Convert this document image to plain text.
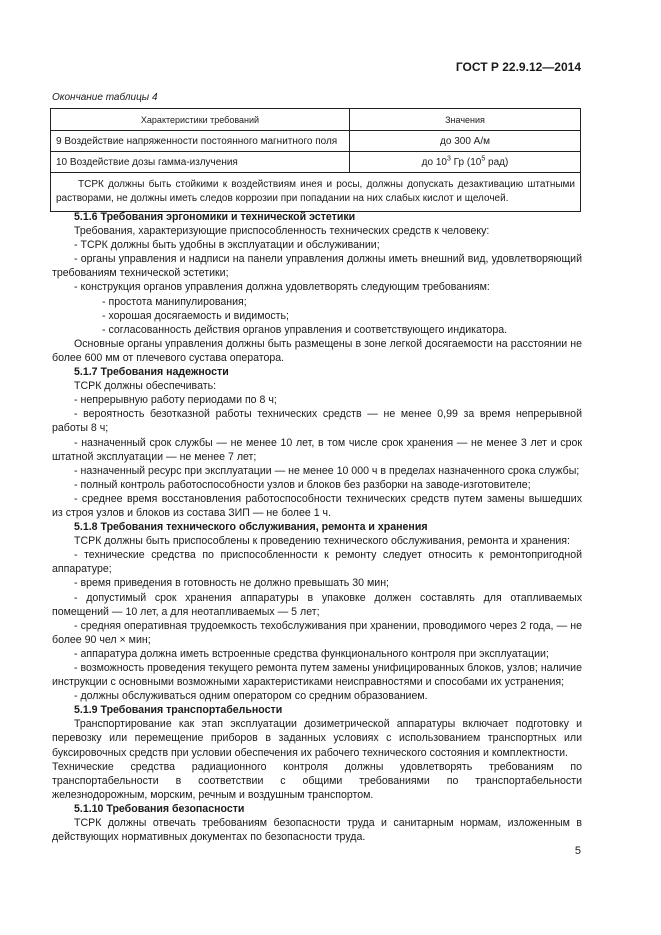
ГОСТ Р 22.9.12—2014
Окончание таблицы 4
Характеристики требований	Значения
9 Воздействие напряженности постоянного магнитного поля	до 300 А/м
10 Воздействие дозы гамма-излучения	до $10^3$ Гр ($10^5$ рад)
ТСРК должны быть стойкими к воздействиям инея и росы, должны допускать дезактивацию штатными растворами, не должны иметь следов коррозии при попадании на них слабых кислот и щелочей.	

5.1.6 Требования эргономики и технической эстетики

Требования, характеризующие приспособленность технических средств к человеку:

- ТСРК должны быть удобны в эксплуатации и обслуживании;

- органы управления и надписи на панели управления должны иметь внешний вид, удовлетворяющий требованиям технической эстетики;

- конструкция органов управления должна удовлетворять следующим требованиям:

- простота манипулирования;

- хорошая досягаемость и видимость;

- согласованность действия органов управления и соответствующего индикатора.

Основные органы управления должны быть размещены в зоне легкой досягаемости на расстоянии не более 600 мм от плечевого сустава оператора.

5.1.7 Требования надежности

ТСРК должны обеспечивать:

- непрерывную работу периодами по 8 ч;

- вероятность безотказной работы технических средств — не менее 0,99 за время непрерывной работы 8 ч;

- назначенный срок службы — не менее 10 лет, в том числе срок хранения — не менее 3 лет и срок штатной эксплуатации — не менее 7 лет;

- назначенный ресурс при эксплуатации — не менее 10 000 ч в пределах назначенного срока службы;

- полный контроль работоспособности узлов и блоков без разборки на заводе-изготовителе;

- среднее время восстановления работоспособности технических средств путем замены вышедших из строя узлов и блоков из состава ЗИП — не более 1 ч.

5.1.8 Требования технического обслуживания, ремонта и хранения

ТСРК должны быть приспособлены к проведению технического обслуживания, ремонта и хранения:

- технические средства по приспособленности к ремонту следует относить к ремонтопригодной аппаратуре;

- время приведения в готовность не должно превышать 30 мин;

- допустимый срок хранения аппаратуры в упаковке должен составлять для отапливаемых помещений — 10 лет, а для неотапливаемых — 5 лет;

- средняя оперативная трудоемкость техобслуживания при хранении, проводимого через 2 года, — не более 90 чел × мин;

- аппаратура должна иметь встроенные средства функционального контроля при эксплуатации;

- возможность проведения текущего ремонта путем замены унифицированных блоков, узлов; наличие инструкции с основными возможными характеристиками неисправностями и способами их устранения;

- должны обслуживаться одним оператором со средним образованием.

5.1.9 Требования транспортабельности

Транспортирование как этап эксплуатации дозиметрической аппаратуры включает подготовку и перевозку или перемещение приборов в заданных условиях с использованием транспортных или буксировочных средств при условии обеспечения их рабочего технического состояния и комплектности.

Технические средства радиационного контроля должны удовлетворять требованиям по транспортабельности в соответствии с общими требованиями по транспортабельности железнодорожным, морским, речным и воздушным транспортом.

5.1.10 Требования безопасности

ТСРК должны отвечать требованиям безопасности труда и санитарным нормам, изложенным в действующих нормативных документах по безопасности труда.

5
